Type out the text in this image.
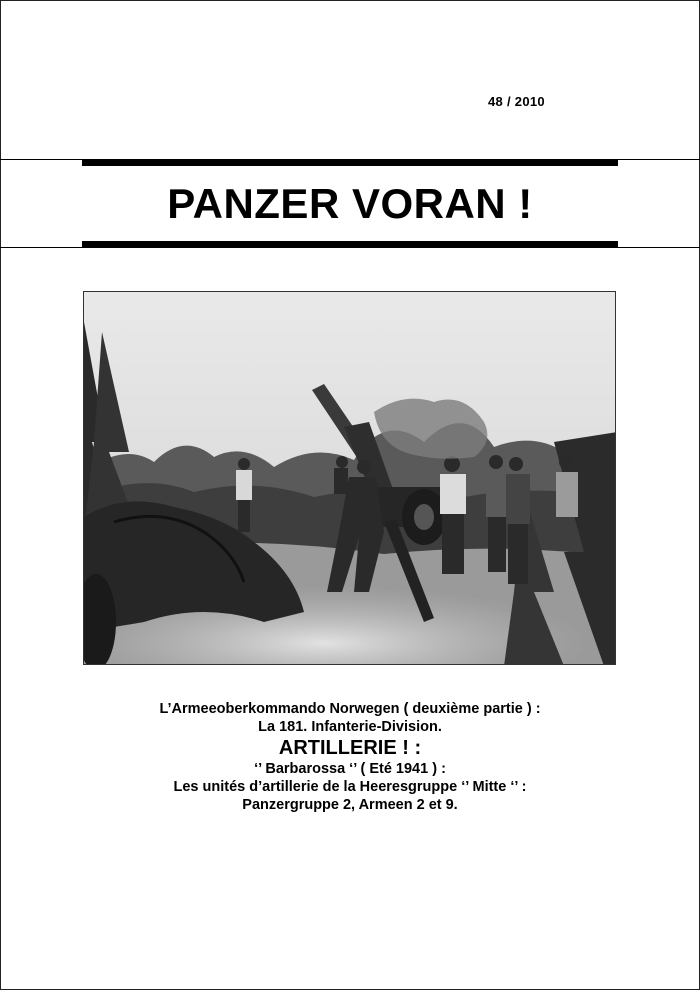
48 / 2010
PANZER VORAN !
L’Armeeoberkommando Norwegen ( deuxième partie ) :
La 181. Infanterie-Division.
ARTILLERIE ! :
‘’ Barbarossa ‘’ ( Eté 1941 ) :
Les unités d’artillerie de la Heeresgruppe ‘’ Mitte ‘’ :
Panzergruppe 2, Armeen 2 et 9.
